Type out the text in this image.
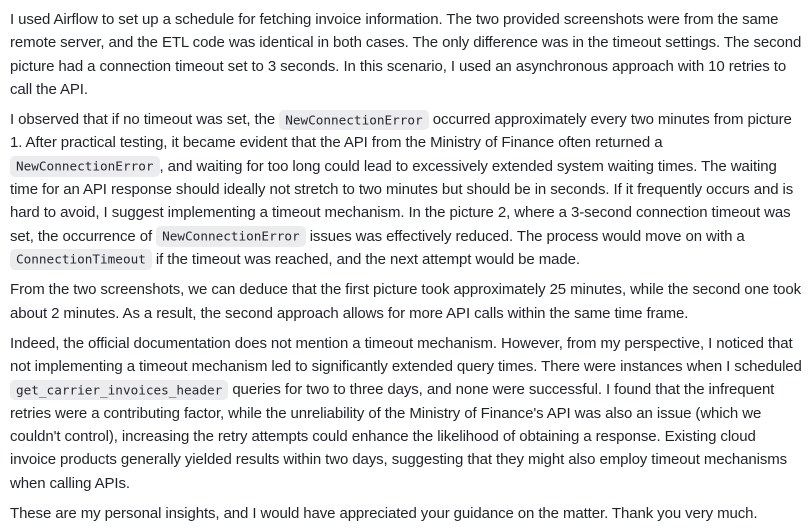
I used Airflow to set up a schedule for fetching invoice information. The two provided screenshots were from the same remote server, and the ETL code was identical in both cases. The only difference was in the timeout settings. The second picture had a connection timeout set to 3 seconds. In this scenario, I used an asynchronous approach with 10 retries to call the API.

I observed that if no timeout was set, the NewConnectionError occurred approximately every two minutes from picture 1. After practical testing, it became evident that the API from the Ministry of Finance often returned a NewConnectionError , and waiting for too long could lead to excessively extended system waiting times. The waiting time for an API response should ideally not stretch to two minutes but should be in seconds. If it frequently occurs and is hard to avoid, I suggest implementing a timeout mechanism. In the picture 2, where a 3-second connection timeout was set, the occurrence of NewConnectionError issues was effectively reduced. The process would move on with a ConnectionTimeout if the timeout was reached, and the next attempt would be made.

From the two screenshots, we can deduce that the first picture took approximately 25 minutes, while the second one took about 2 minutes. As a result, the second approach allows for more API calls within the same time frame.

Indeed, the official documentation does not mention a timeout mechanism. However, from my perspective, I noticed that not implementing a timeout mechanism led to significantly extended query times. There were instances when I scheduled get_carrier_invoices_header queries for two to three days, and none were successful. I found that the infrequent retries were a contributing factor, while the unreliability of the Ministry of Finance's API was also an issue (which we couldn't control), increasing the retry attempts could enhance the likelihood of obtaining a response. Existing cloud invoice products generally yielded results within two days, suggesting that they might also employ timeout mechanisms when calling APIs.

These are my personal insights, and I would have appreciated your guidance on the matter. Thank you very much.
